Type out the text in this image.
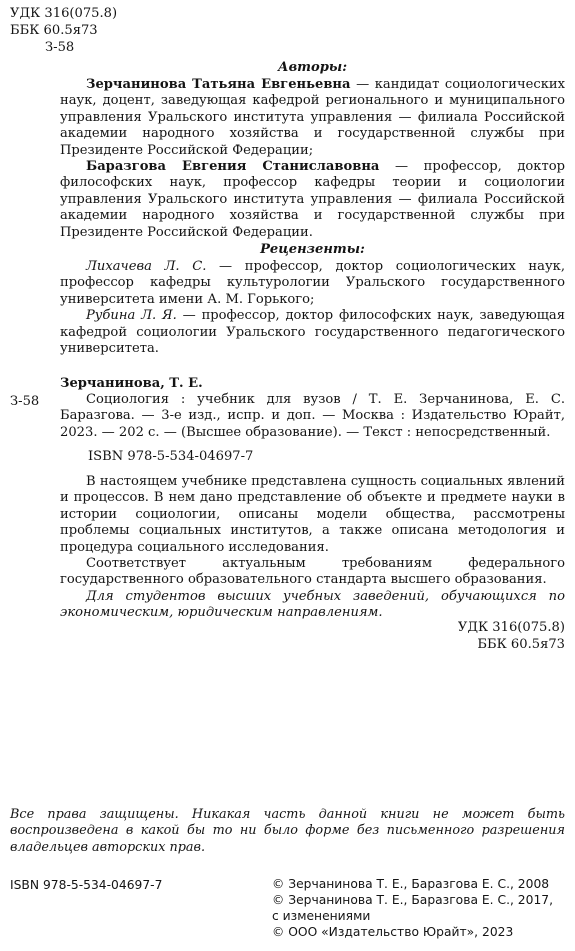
УДК 316(075.8)
ББК 60.5я73
З-58
Авторы:

Зерчанинова Татьяна Евгеньевна — кандидат социологических наук, доцент, заведующая кафедрой регионального и муниципального управления Уральского института управления — филиала Российской академии народного хозяйства и государственной службы при Президенте Российской Федерации;

Баразгова Евгения Станиславовна — профессор, доктор философских наук, профессор кафедры теории и социологии управления Уральского института управления — филиала Российской академии народного хозяйства и государственной службы при Президенте Российской Федерации.

Рецензенты:

Лихачева Л. С. — профессор, доктор социологических наук, профессор кафедры культурологии Уральского государственного университета имени А. М. Горького;

Рубина Л. Я. — профессор, доктор философских наук, заведующая кафедрой социологии Уральского государственного педагогического университета.

З-58
Зерчанинова, Т. Е.

Социология : учебник для вузов / Т. Е. Зерчанинова, Е. С. Баразгова. — 3-е изд., испр. и доп. — Москва : Издательство Юрайт, 2023. — 202 с. — (Высшее образование). — Текст : непосредственный.

ISBN 978-5-534-04697-7

В настоящем учебнике представлена сущность социальных явлений и процессов. В нем дано представление об объекте и предмете науки в истории социологии, описаны модели общества, рассмотрены проблемы социальных институтов, а также описана методология и процедура социального исследования.

Соответствует актуальным требованиям федерального государственного образовательного стандарта высшего образования.

Для студентов высших учебных заведений, обучающихся по экономическим, юридическим направлениям.

УДК 316(075.8)
ББК 60.5я73

Все права защищены. Никакая часть данной книги не может быть воспроизведена в какой бы то ни было форме без письменного разрешения владельцев авторских прав.

ISBN 978-5-534-04697-7	© Зерчанинова Т. Е., Баразгова Е. С., 2008
© Зерчанинова Т. Е., Баразгова Е. С., 2017,
с изменениями
© ООО «Издательство Юрайт», 2023
